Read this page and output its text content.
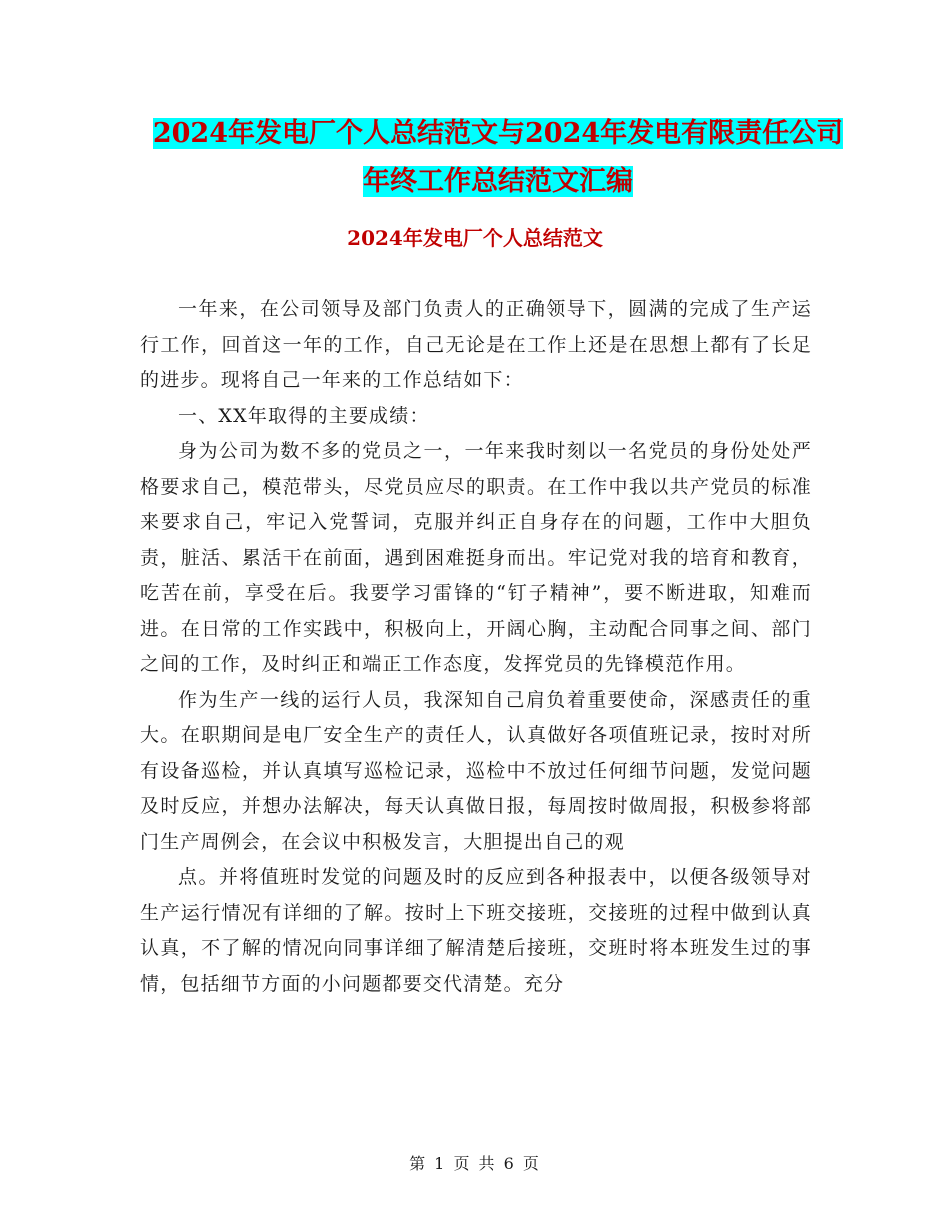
2024年发电厂个人总结范文与2024年发电有限责任公司年终工作总结范文汇编
2024年发电厂个人总结范文

一年来，在公司领导及部门负责人的正确领导下，圆满的完成了生产运行工作，回首这一年的工作，自己无论是在工作上还是在思想上都有了长足的进步。现将自己一年来的工作总结如下：

一、XX年取得的主要成绩：

身为公司为数不多的党员之一，一年来我时刻以一名党员的身份处处严格要求自己，模范带头，尽党员应尽的职责。在工作中我以共产党员的标准来要求自己，牢记入党誓词，克服并纠正自身存在的问题，工作中大胆负责，脏活、累活干在前面，遇到困难挺身而出。牢记党对我的培育和教育，吃苦在前，享受在后。我要学习雷锋的“钉子精神”，要不断进取，知难而进。在日常的工作实践中，积极向上，开阔心胸，主动配合同事之间、部门之间的工作，及时纠正和端正工作态度，发挥党员的先锋模范作用。

作为生产一线的运行人员，我深知自己肩负着重要使命，深感责任的重大。在职期间是电厂安全生产的责任人，认真做好各项值班记录，按时对所有设备巡检，并认真填写巡检记录，巡检中不放过任何细节问题，发觉问题及时反应，并想办法解决，每天认真做日报，每周按时做周报，积极参将部门生产周例会，在会议中积极发言，大胆提出自己的观

点。并将值班时发觉的问题及时的反应到各种报表中，以便各级领导对生产运行情况有详细的了解。按时上下班交接班，交接班的过程中做到认真认真，不了解的情况向同事详细了解清楚后接班，交班时将本班发生过的事情，包括细节方面的小问题都要交代清楚。充分

第 1 页 共 6 页
